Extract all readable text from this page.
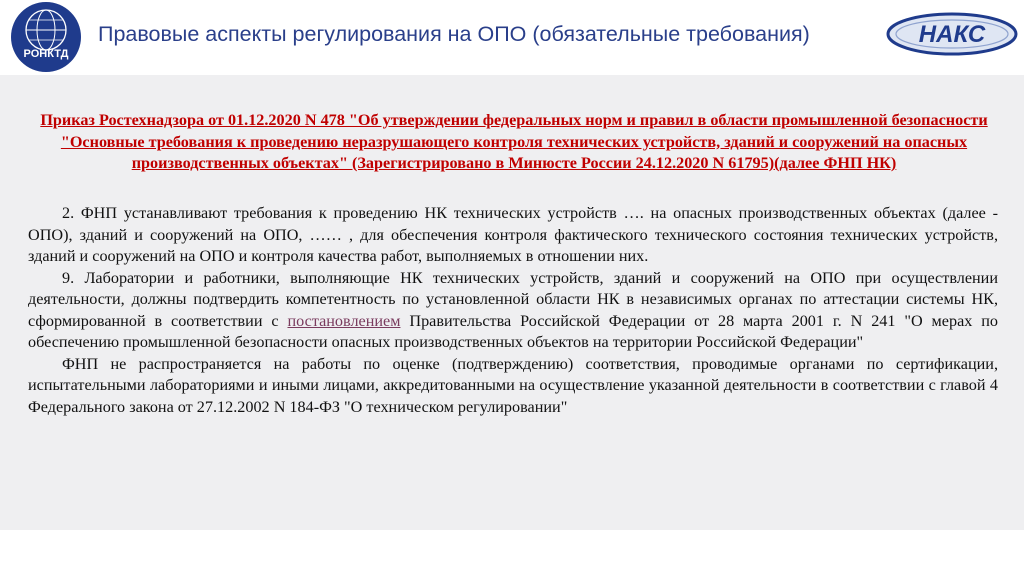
РОНКТД
Правовые аспекты регулирования на ОПО (обязательные требования)	НАКС
Приказ Ростехнадзора от 01.12.2020 N 478 "Об утверждении федеральных норм и правил в области промышленной безопасности "Основные требования к проведению неразрушающего контроля технических устройств, зданий и сооружений на опасных производственных объектах" (Зарегистрировано в Минюсте России 24.12.2020 N 61795)(далее ФНП НК)

2. ФНП устанавливают требования к проведению НК технических устройств …. на опасных производственных объектах (далее - ОПО), зданий и сооружений на ОПО, …… , для обеспечения контроля фактического технического состояния технических устройств, зданий и сооружений на ОПО и контроля качества работ, выполняемых в отношении них.

9. Лаборатории и работники, выполняющие НК технических устройств, зданий и сооружений на ОПО при осуществлении деятельности, должны подтвердить компетентность по установленной области НК в независимых органах по аттестации системы НК, сформированной в соответствии с постановлением Правительства Российской Федерации от 28 марта 2001 г. N 241 "О мерах по обеспечению промышленной безопасности опасных производственных объектов на территории Российской Федерации"

ФНП не распространяется на работы по оценке (подтверждению) соответствия, проводимые органами по сертификации, испытательными лабораториями и иными лицами, аккредитованными на осуществление указанной деятельности в соответствии с главой 4 Федерального закона от 27.12.2002 N 184-ФЗ "О техническом регулировании"
